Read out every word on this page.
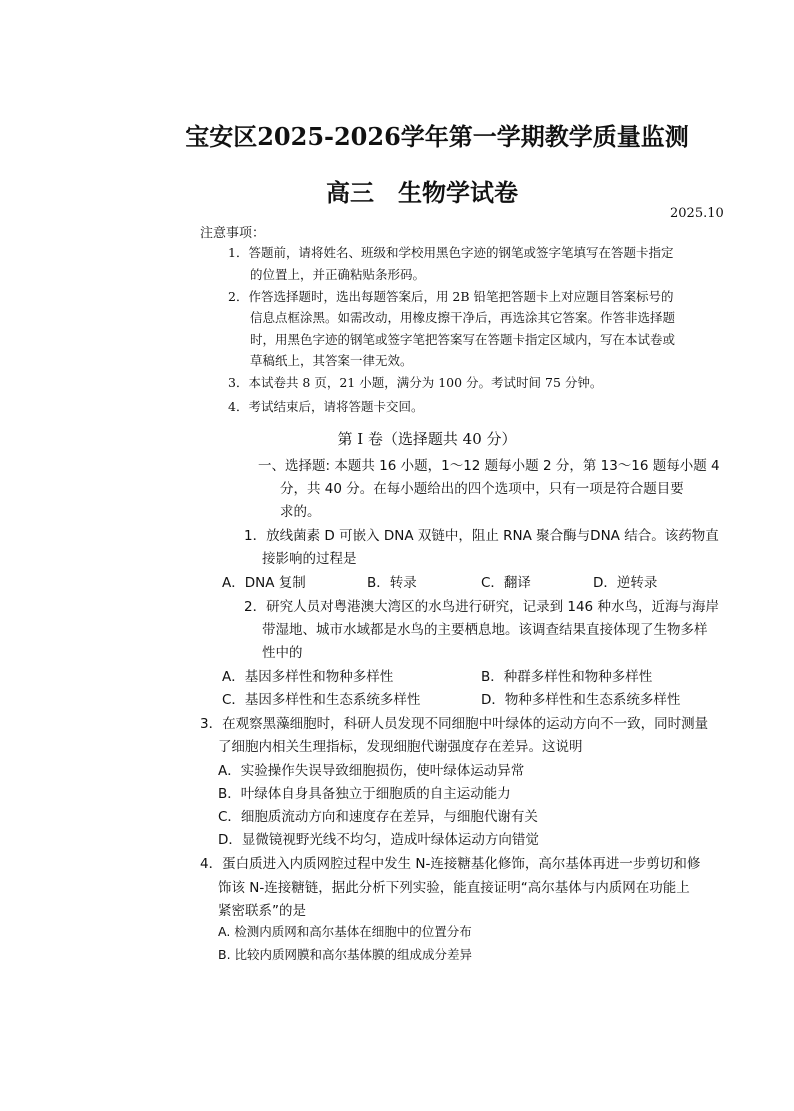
宝安区2025-2026学年第一学期教学质量监测
高三　生物学试卷
2025.10
注意事项：
1．答题前，请将姓名、班级和学校用黑色字迹的钢笔或签字笔填写在答题卡指定
的位置上，并正确粘贴条形码。
2．作答选择题时，选出每题答案后，用 2B 铅笔把答题卡上对应题目答案标号的
信息点框涂黑。如需改动，用橡皮擦干净后，再选涂其它答案。作答非选择题
时，用黑色字迹的钢笔或签字笔把答案写在答题卡指定区域内，写在本试卷或
草稿纸上，其答案一律无效。
3．本试卷共 8 页，21 小题，满分为 100 分。考试时间 75 分钟。
4．考试结束后，请将答题卡交回。
第 I 卷（选择题共 40 分）
一、选择题: 本题共 16 小题，1～12 题每小题 2 分，第 13～16 题每小题 4
分，共 40 分。在每小题给出的四个选项中，只有一项是符合题目要
求的。
1．放线菌素 D 可嵌入 DNA 双链中，阻止 RNA 聚合酶与DNA 结合。该药物直
接影响的过程是
A．DNA 复制	B．转录	C．翻译	D．逆转录
2．研究人员对粤港澳大湾区的水鸟进行研究，记录到 146 种水鸟，近海与海岸
带湿地、城市水域都是水鸟的主要栖息地。该调查结果直接体现了生物多样
性中的
A．基因多样性和物种多样性	B．种群多样性和物种多样性
C．基因多样性和生态系统多样性	D．物种多样性和生态系统多样性
3．在观察黑藻细胞时，科研人员发现不同细胞中叶绿体的运动方向不一致，同时测量
了细胞内相关生理指标，发现细胞代谢强度存在差异。这说明
A．实验操作失误导致细胞损伤，使叶绿体运动异常
B．叶绿体自身具备独立于细胞质的自主运动能力
C．细胞质流动方向和速度存在差异，与细胞代谢有关
D．显微镜视野光线不均匀，造成叶绿体运动方向错觉
4．蛋白质进入内质网腔过程中发生 N-连接糖基化修饰，高尔基体再进一步剪切和修
饰该 N-连接糖链，据此分析下列实验，能直接证明“高尔基体与内质网在功能上
紧密联系”的是
A. 检测内质网和高尔基体在细胞中的位置分布
B. 比较内质网膜和高尔基体膜的组成成分差异
